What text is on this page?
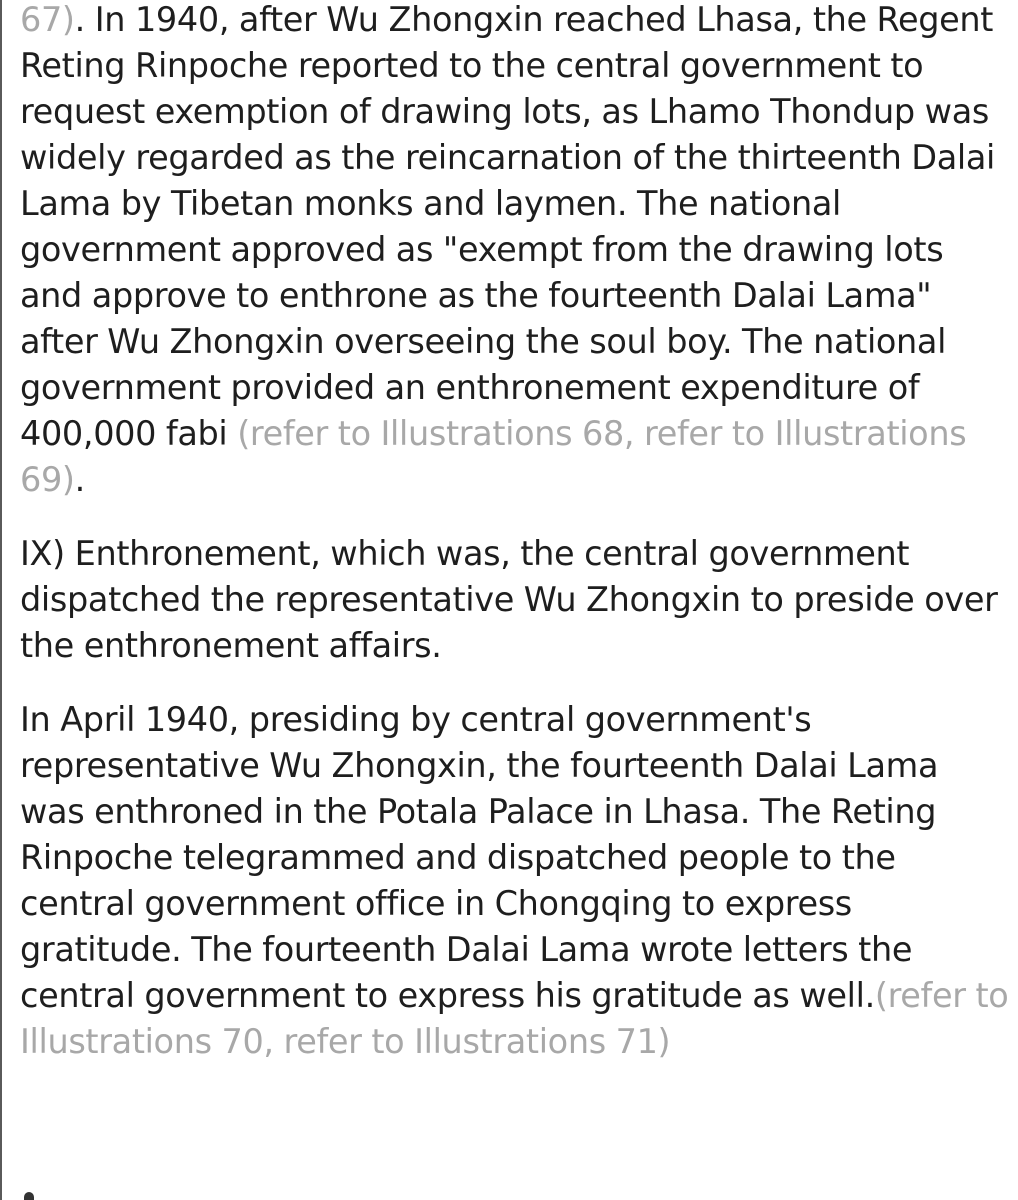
67). In 1940, after Wu Zhongxin reached Lhasa, the Regent Reting Rinpoche reported to the central government to request exemption of drawing lots, as Lhamo Thondup was widely regarded as the reincarnation of the thirteenth Dalai Lama by Tibetan monks and laymen. The national government approved as "exempt from the drawing lots and approve to enthrone as the fourteenth Dalai Lama" after Wu Zhongxin overseeing the soul boy. The national government provided an enthronement expenditure of 400,000 fabi (refer to Illustrations 68, refer to Illustrations 69).

IX) Enthronement, which was, the central government dispatched the representative Wu Zhongxin to preside over the enthronement affairs.

In April 1940, presiding by central government's representative Wu Zhongxin, the fourteenth Dalai Lama was enthroned in the Potala Palace in Lhasa. The Reting Rinpoche telegrammed and dispatched people to the central government office in Chongqing to express gratitude. The fourteenth Dalai Lama wrote letters the central government to express his gratitude as well.(refer to Illustrations 70, refer to Illustrations 71)
